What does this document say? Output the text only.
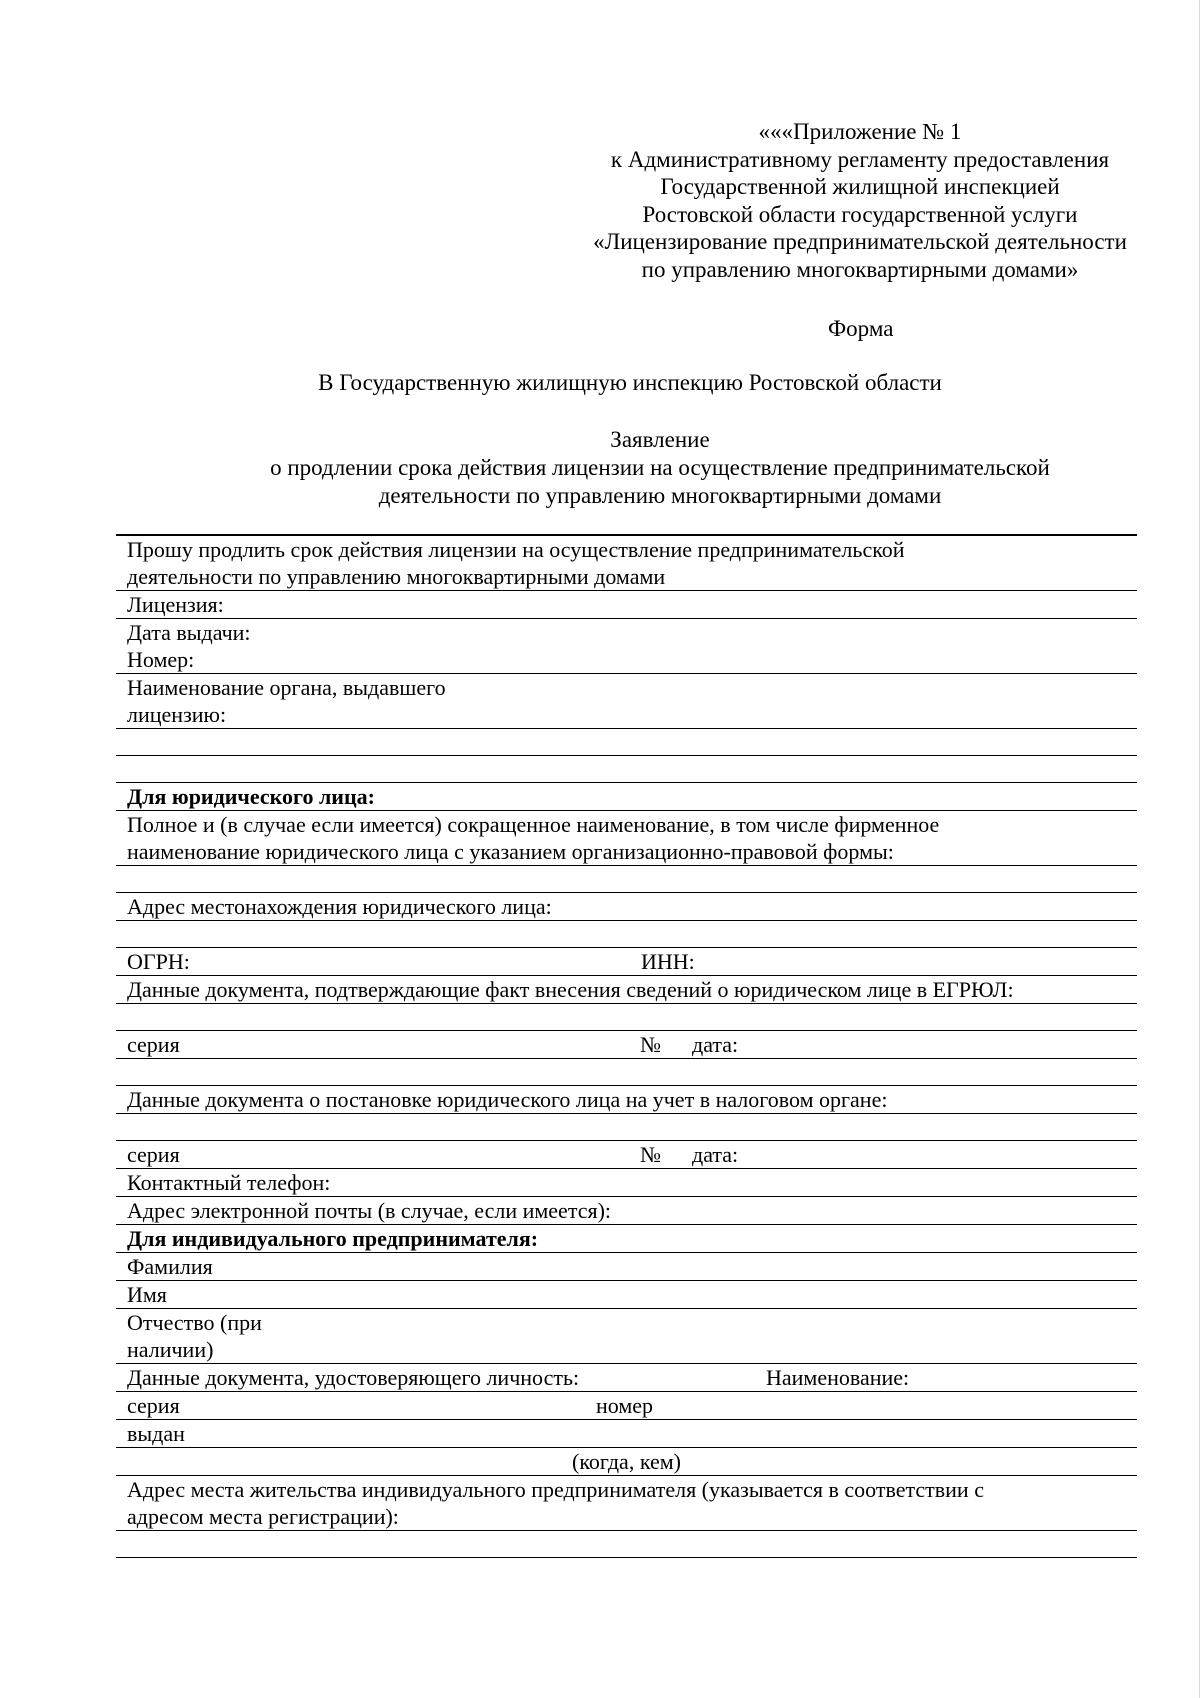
«««Приложение № 1
к Административному регламенту предоставления
Государственной жилищной инспекцией
Ростовской области государственной услуги
«Лицензирование предпринимательской деятельности
по управлению многоквартирными домами»
Форма
В Государственную жилищную инспекцию Ростовской области
Заявление
о продлении срока действия лицензии на осуществление предпринимательской
деятельности по управлению многоквартирными домами
Прошу продлить срок действия лицензии на осуществление предпринимательской
деятельности по управлению многоквартирными домами
Лицензия:
Дата выдачи:
Номер:
Наименование органа, выдавшего
лицензию:
Для юридического лица:
Полное и (в случае если имеется) сокращенное наименование, в том числе фирменное
наименование юридического лица с указанием организационно-правовой формы:
Адрес местонахождения юридического лица:
ОГРН:	ИНН:
Данные документа, подтверждающие факт внесения сведений о юридическом лице в ЕГРЮЛ:
серия	№ дата:
Данные документа о постановке юридического лица на учет в налоговом органе:
серия	№ дата:
Контактный телефон:
Адрес электронной почты (в случае, если имеется):
Для индивидуального предпринимателя:
Фамилия
Имя
Отчество (при
наличии)
Данные документа, удостоверяющего личность:	Наименование:
серия	номер
выдан
(когда, кем)
Адрес места жительства индивидуального предпринимателя (указывается в соответствии с
адресом места регистрации):
